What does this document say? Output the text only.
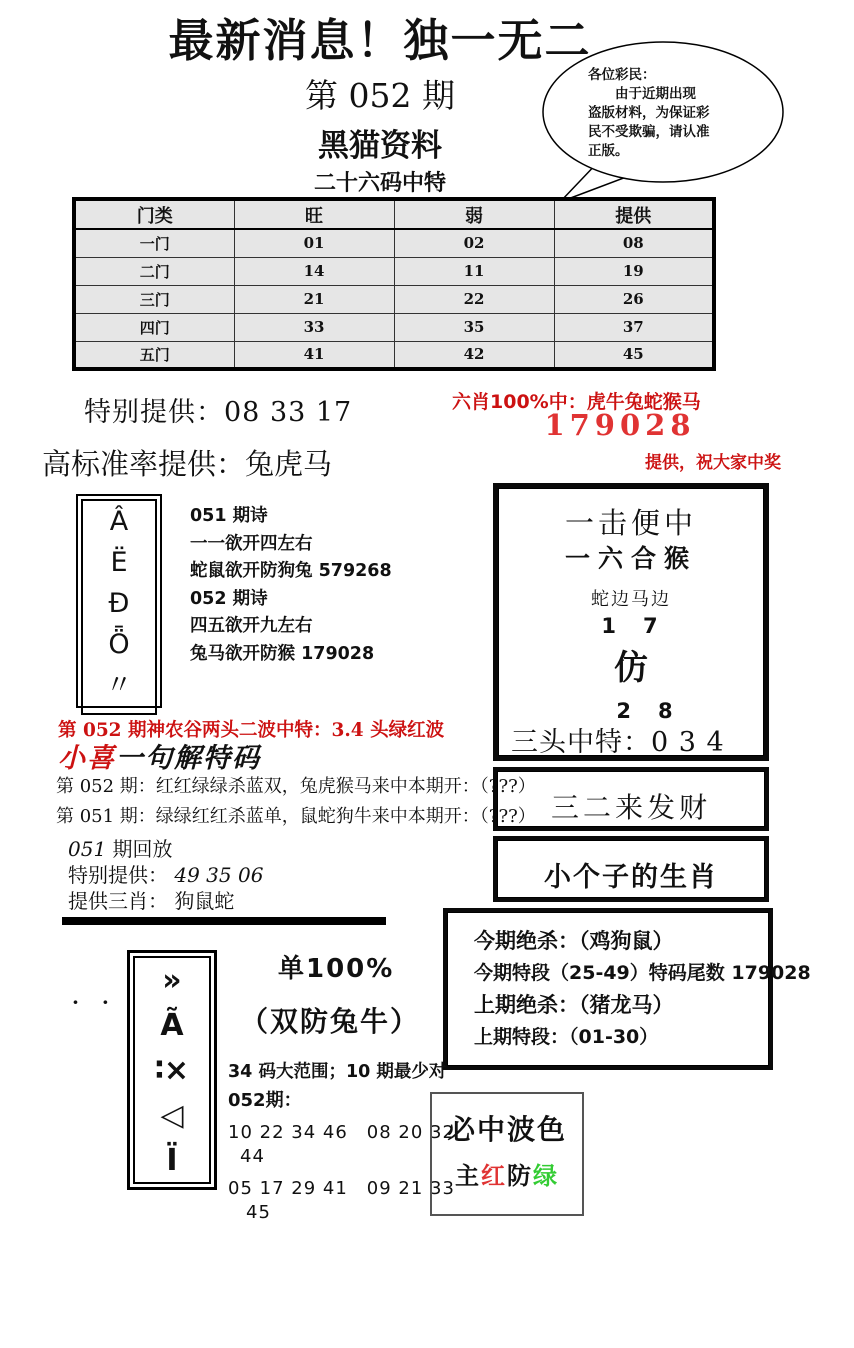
最新消息！独一无二
第 052 期
黑猫资料
二十六码中特
各位彩民：
　　由于近期出现
盗版材料，为保证彩
民不受欺骗，请认准
正版。
门类	旺	弱	提供
一门	01	02	08
二门	14	11	19
三门	21	22	26
四门	33	35	37
五门	41	42	45
特别提供：08 33 17	六肖100%中：虎牛兔蛇猴马
179028
高标准率提供：兔虎马	提供，祝大家中奖
Â
Ë
Đ
Ȫ
〃
051 期诗
一一欲开四左右
蛇鼠欲开防狗兔 579268
052 期诗
四五欲开九左右
兔马欲开防猴 179028
第 052 期神农谷两头二波中特：3.4 头绿红波
小喜一句解特码
第 052 期：红红绿绿杀蓝双，兔虎猴马来中本期开：（???）
第 051 期：绿绿红红杀蓝单，鼠蛇狗牛来中本期开：（???）
051 期回放
特别提供： 49 35 06
提供三肖： 狗鼠蛇
一击便中
一六合猴
蛇边马边
1　7
仿
2　8
三头中特：0 3 4
三二来发财
小个子的生肖
今期绝杀：（鸡狗鼠）
今期特段（25-49）特码尾数 179028
上期绝杀：（猪龙马）
上期特段：（01-30）
· ·
»
Ã
∶×
◁
Ï
单100%
（双防兔牛）
34 码大范围；10 期最少对
052期：
10 22 34 46　08 20 32
44
05 17 29 41　09 21 33
45
必中波色
主红防绿
